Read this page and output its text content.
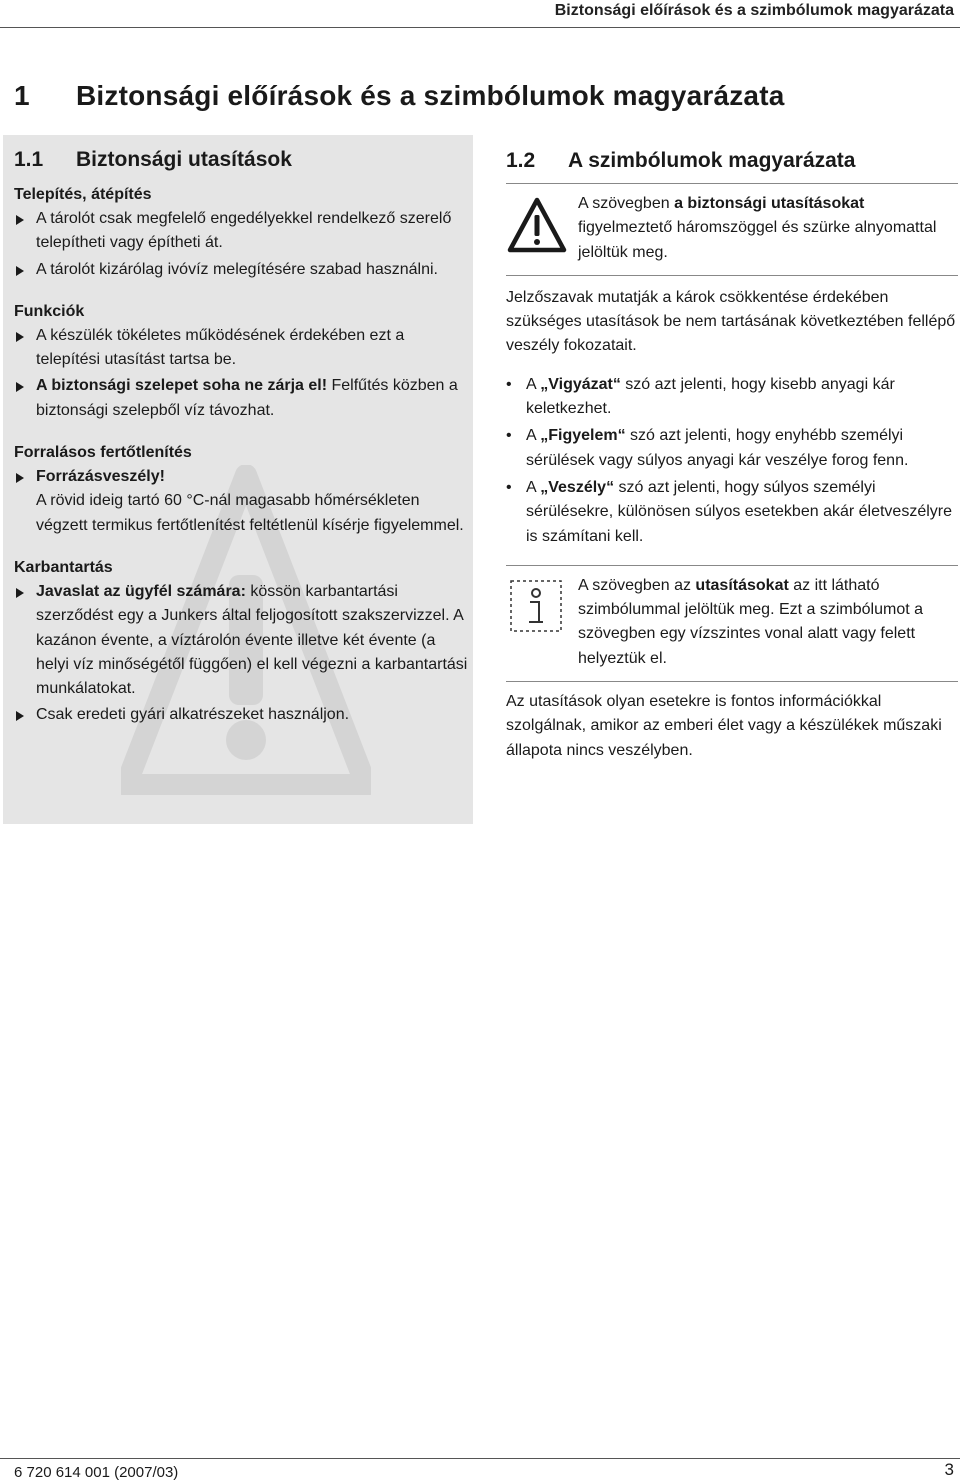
Biztonsági előírások és a szimbólumok magyarázata
1 Biztonsági előírások és a szimbólumok magyarázata
1.1 Biztonsági utasítások
Telepítés, átépítés
A tárolót csak megfelelő engedélyekkel rendelkező szerelő telepítheti vagy építheti át.
A tárolót kizárólag ivóvíz melegítésére szabad használni.
Funkciók
A készülék tökéletes működésének érdekében ezt a telepítési utasítást tartsa be.
A biztonsági szelepet soha ne zárja el! Felfűtés közben a biztonsági szelepből víz távozhat.
Forralásos fertőtlenítés
Forrázásveszély!
A rövid ideig tartó 60 °C-nál magasabb hőmérsékleten végzett termikus fertőtlenítést feltétlenül kísérje figyelemmel.
Karbantartás
Javaslat az ügyfél számára: kössön karbantartási szerződést egy a Junkers által feljogosított szakszervizzel. A kazánon évente, a víztárolón évente illetve két évente (a helyi víz minőségétől függően) el kell végezni a karbantartási munkálatokat.
Csak eredeti gyári alkatrészeket használjon.
1.2 A szimbólumok magyarázata
A szövegben a biztonsági utasításokat figyelmeztető háromszöggel és szürke alnyomattal jelöltük meg.

Jelzőszavak mutatják a károk csökkentése érdekében szükséges utasítások be nem tartásának következtében fellépő veszély fokozatait.

• A „Vigyázat“ szó azt jelenti, hogy kisebb anyagi kár keletkezhet.
• A „Figyelem“ szó azt jelenti, hogy enyhébb személyi sérülések vagy súlyos anyagi kár veszélye forog fenn.
• A „Veszély“ szó azt jelenti, hogy súlyos személyi sérülésekre, különösen súlyos esetekben akár életveszélyre is számítani kell.
A szövegben az utasításokat az itt látható szimbólummal jelöltük meg. Ezt a szimbólumot a szövegben egy vízszintes vonal alatt vagy felett helyeztük el.

Az utasítások olyan esetekre is fontos információkkal szolgálnak, amikor az emberi élet vagy a készülékek műszaki állapota nincs veszélyben.

6 720 614 001 (2007/03)	3
